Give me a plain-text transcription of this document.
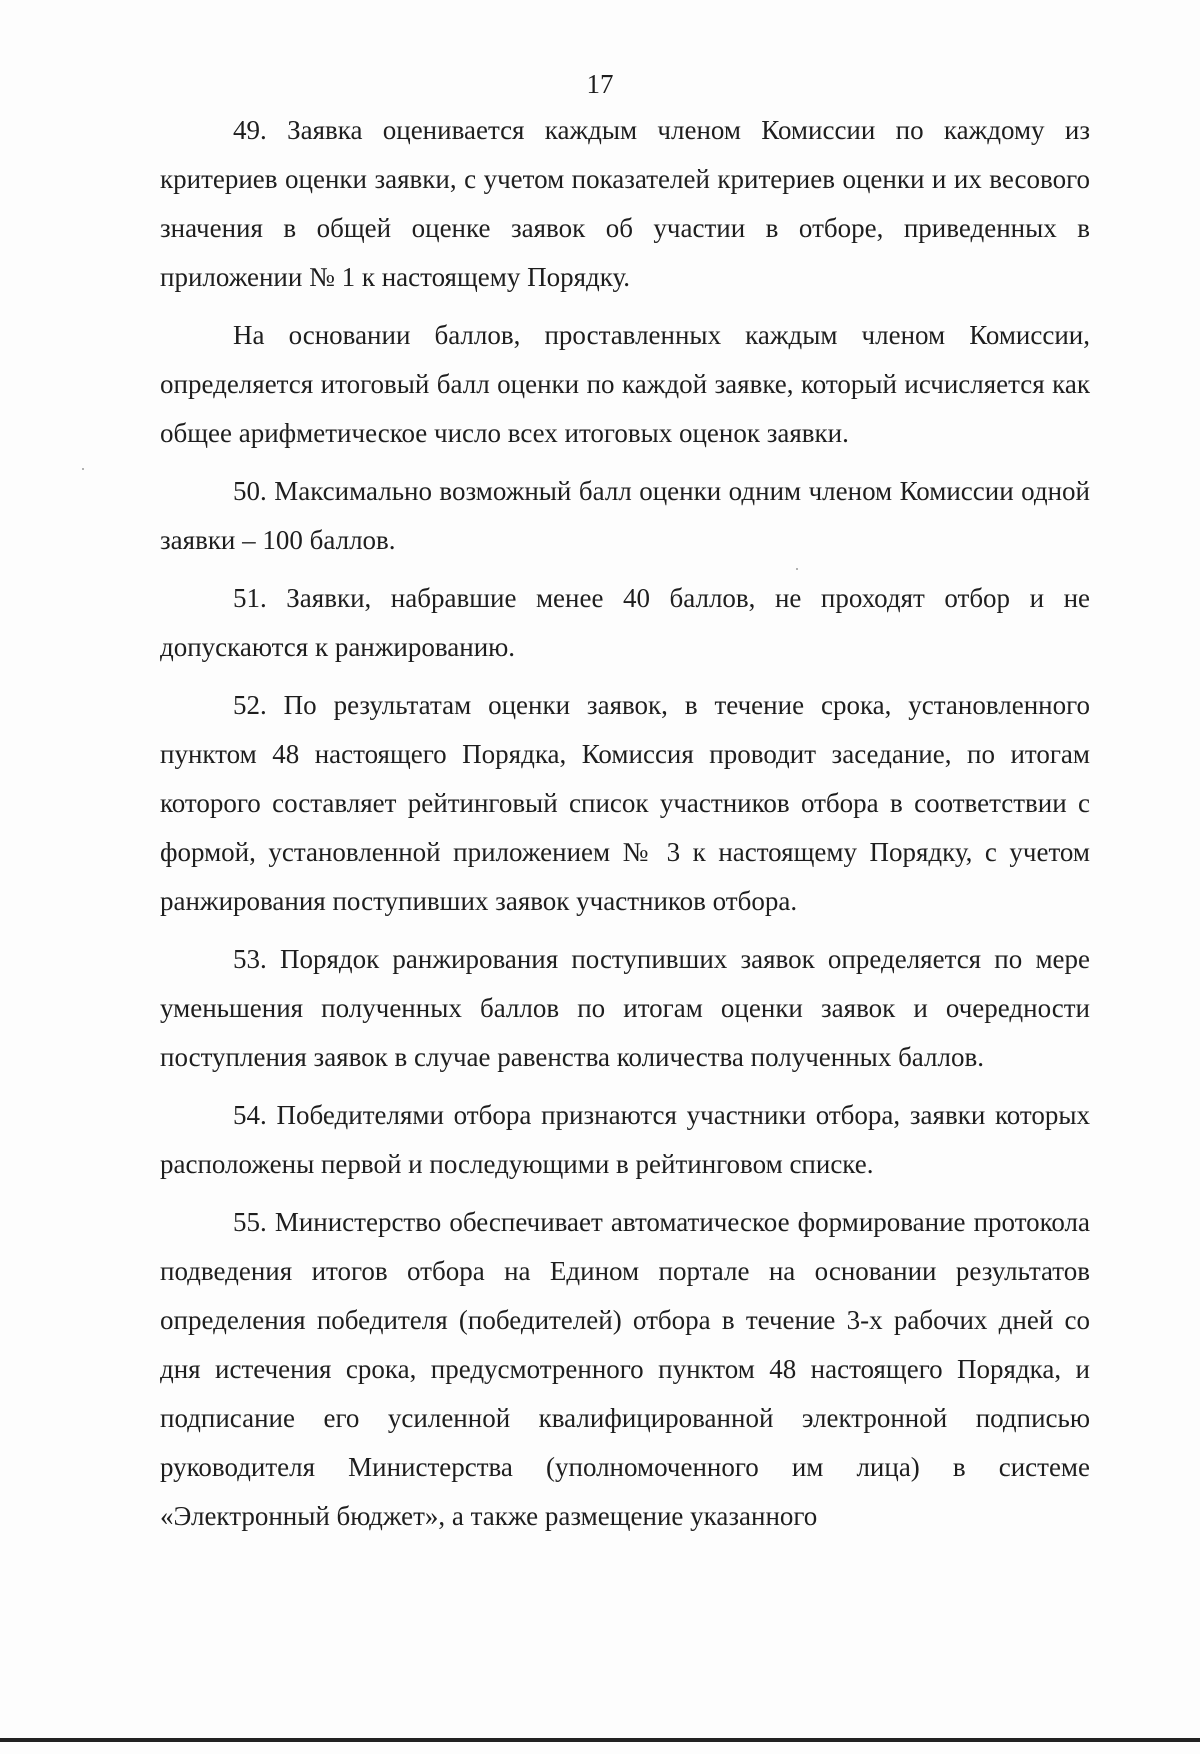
17

49. Заявка оценивается каждым членом Комиссии по каждому из критериев оценки заявки, с учетом показателей критериев оценки и их весового значения в общей оценке заявок об участии в отборе, приведенных в приложении № 1 к настоящему Порядку.

На основании баллов, проставленных каждым членом Комиссии, определяется итоговый балл оценки по каждой заявке, который исчисляется как общее арифметическое число всех итоговых оценок заявки.

50. Максимально возможный балл оценки одним членом Комиссии одной заявки – 100 баллов.

51. Заявки, набравшие менее 40 баллов, не проходят отбор и не допускаются к ранжированию.

52. По результатам оценки заявок, в течение срока, установленного пунктом 48 настоящего Порядка, Комиссия проводит заседание, по итогам которого составляет рейтинговый список участников отбора в соответствии с формой, установленной приложением № 3 к настоящему Порядку, с учетом ранжирования поступивших заявок участников отбора.

53. Порядок ранжирования поступивших заявок определяется по мере уменьшения полученных баллов по итогам оценки заявок и очередности поступления заявок в случае равенства количества полученных баллов.

54. Победителями отбора признаются участники отбора, заявки которых расположены первой и последующими в рейтинговом списке.

55. Министерство обеспечивает автоматическое формирование протокола подведения итогов отбора на Едином портале на основании результатов определения победителя (победителей) отбора в течение 3-х рабочих дней со дня истечения срока, предусмотренного пунктом 48 настоящего Порядка, и подписание его усиленной квалифицированной электронной подписью руководителя Министерства (уполномоченного им лица) в системе «Электронный бюджет», а также размещение указанного
